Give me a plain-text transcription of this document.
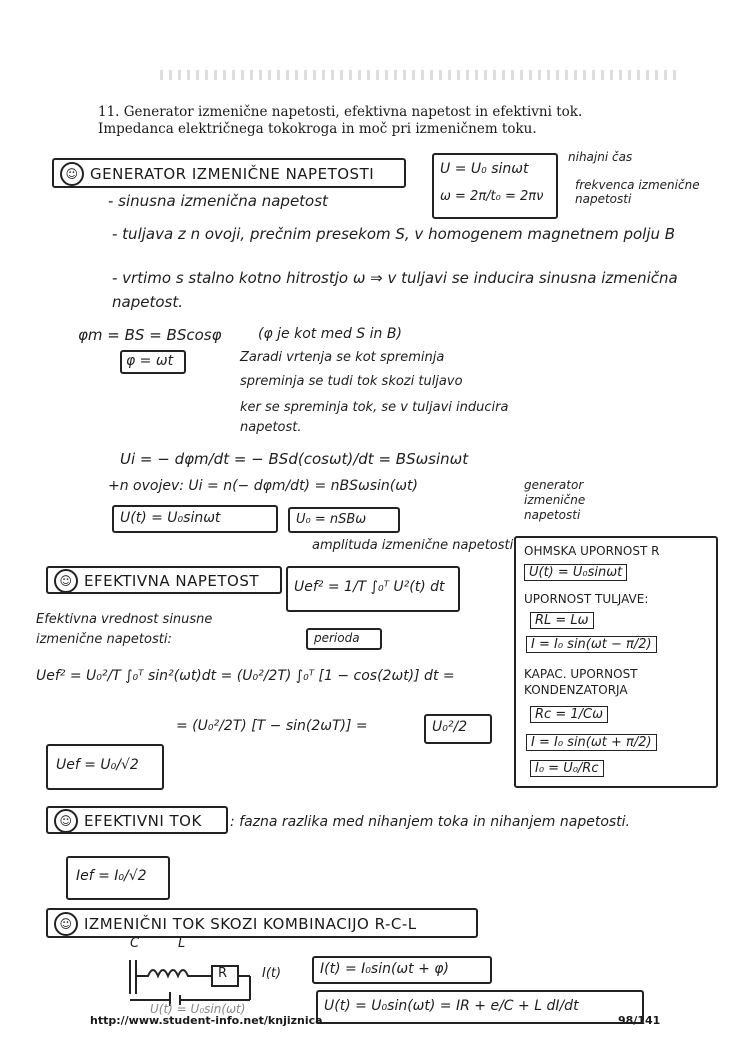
11. Generator izmenične napetosti, efektivna napetost in efektivni tok. Impedanca električnega tokokroga in moč pri izmeničnem toku.
☺ GENERATOR IZMENIČNE NAPETOSTI	U = U₀ sinωt
ω = 2π/t₀ = 2πν
nihajni čas
frekvenca izmenične napetosti
- sinusna izmenična napetost
- tuljava z n ovoji, prečnim presekom S, v homogenem magnetnem polju B
- vrtimo s stalno kotno hitrostjo ω ⇒ v tuljavi se inducira sinusna izmenična napetost.
φm = BS = BScosφ	(φ je kot med S in B)
φ = ωt	Zaradi vrtenja se kot spreminja
spreminja se tudi tok skozi tuljavo
ker se spreminja tok, se v tuljavi inducira napetost.
Ui = − dφm/dt = − BSd(cosωt)/dt = BSωsinωt
+n ovojev: Ui = n(− dφm/dt) = nBSωsin(ωt)
U(t) = U₀sinωt	U₀ = nSBω
amplituda izmenične napetosti
generator izmenične napetosti
☺ EFEKTIVNA NAPETOST Uef² = 1/T ∫₀ᵀ U²(t) dt
perioda
Efektivna vrednost sinusne izmenične napetosti:
Uef² = U₀²/T ∫₀ᵀ sin²(ωt)dt = (U₀²/2T) ∫₀ᵀ [1 − cos(2ωt)] dt =
= (U₀²/2T) [T − sin(2ωT)] =	U₀²/2
Uef = U₀/√2
OHMSKA UPORNOST R
U(t) = U₀sinωt
UPORNOST TULJAVE:
RL = Lω
I = I₀ sin(ωt − π/2)
KAPAC. UPORNOST KONDENZATORJA
Rc = 1/Cω
I = I₀ sin(ωt + π/2)
I₀ = U₀/Rc
☺ EFEKTIVNI TOK : fazna razlika med nihanjem toka in nihanjem napetosti.
Ief = I₀/√2
☺ IZMENIČNI TOK SKOZI KOMBINACIJO R-C-L
C	L
R	I(t)	I(t) = I₀sin(ωt + φ)
U(t) = U₀sin(ωt) = IR + e/C + L dI/dt
U(t) = U₀sin(ωt)
http://www.student-info.net/knjiznica	98/141
